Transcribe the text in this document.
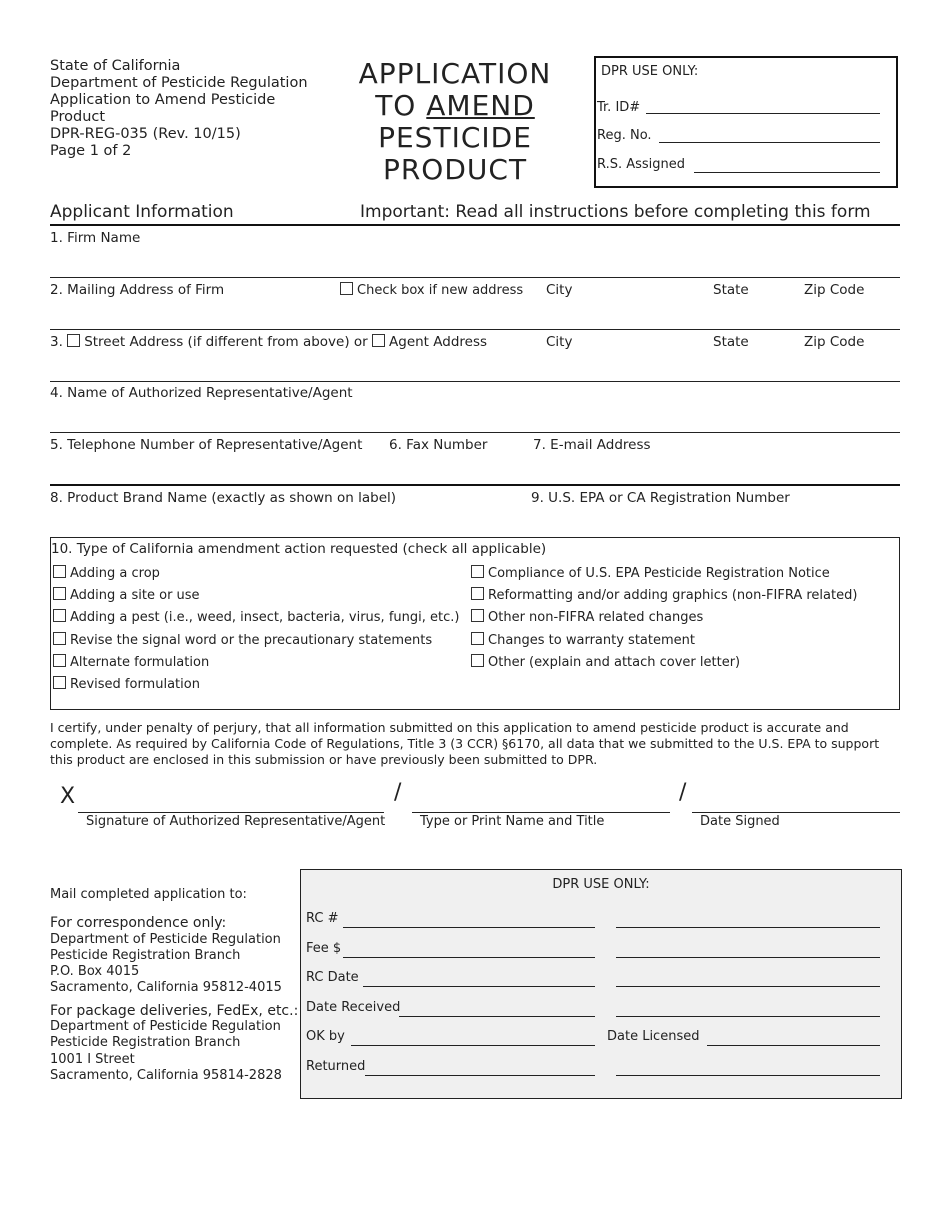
State of California
Department of Pesticide Regulation
Application to Amend Pesticide
Product
DPR-REG-035 (Rev. 10/15)
Page 1 of 2
APPLICATION
TO AMEND
PESTICIDE
PRODUCT
DPR USE ONLY:
Tr. ID#
Reg. No.
R.S. Assigned
Applicant Information	Important: Read all instructions before completing this form
1. Firm Name
2. Mailing Address of Firm	Check box if new address City	State	Zip Code
3. Street Address (if different from above) or Agent Address	City	State	Zip Code
4. Name of Authorized Representative/Agent
5. Telephone Number of Representative/Agent 6. Fax Number	7. E-mail Address
8. Product Brand Name (exactly as shown on label)	9. U.S. EPA or CA Registration Number
10. Type of California amendment action requested (check all applicable)
Adding a crop
Adding a site or use
Adding a pest (i.e., weed, insect, bacteria, virus, fungi, etc.)
Revise the signal word or the precautionary statements
Alternate formulation
Revised formulation
Compliance of U.S. EPA Pesticide Registration Notice
Reformatting and/or adding graphics (non-FIFRA related)
Other non-FIFRA related changes
Changes to warranty statement
Other (explain and attach cover letter)
I certify, under penalty of perjury, that all information submitted on this application to amend pesticide product is accurate and complete. As required by California Code of Regulations, Title 3 (3 CCR) §6170, all data that we submitted to the U.S. EPA to support this product are enclosed in this submission or have previously been submitted to DPR.
X	/	/
Signature of Authorized Representative/Agent	Type or Print Name and Title	Date Signed
Mail completed application to:
For correspondence only:
Department of Pesticide Regulation
Pesticide Registration Branch
P.O. Box 4015
Sacramento, California 95812-4015
For package deliveries, FedEx, etc.:
Department of Pesticide Regulation
Pesticide Registration Branch
1001 I Street
Sacramento, California 95814-2828
DPR USE ONLY:
RC #
Fee $
RC Date
Date Received
OK by	Date Licensed
Returned
